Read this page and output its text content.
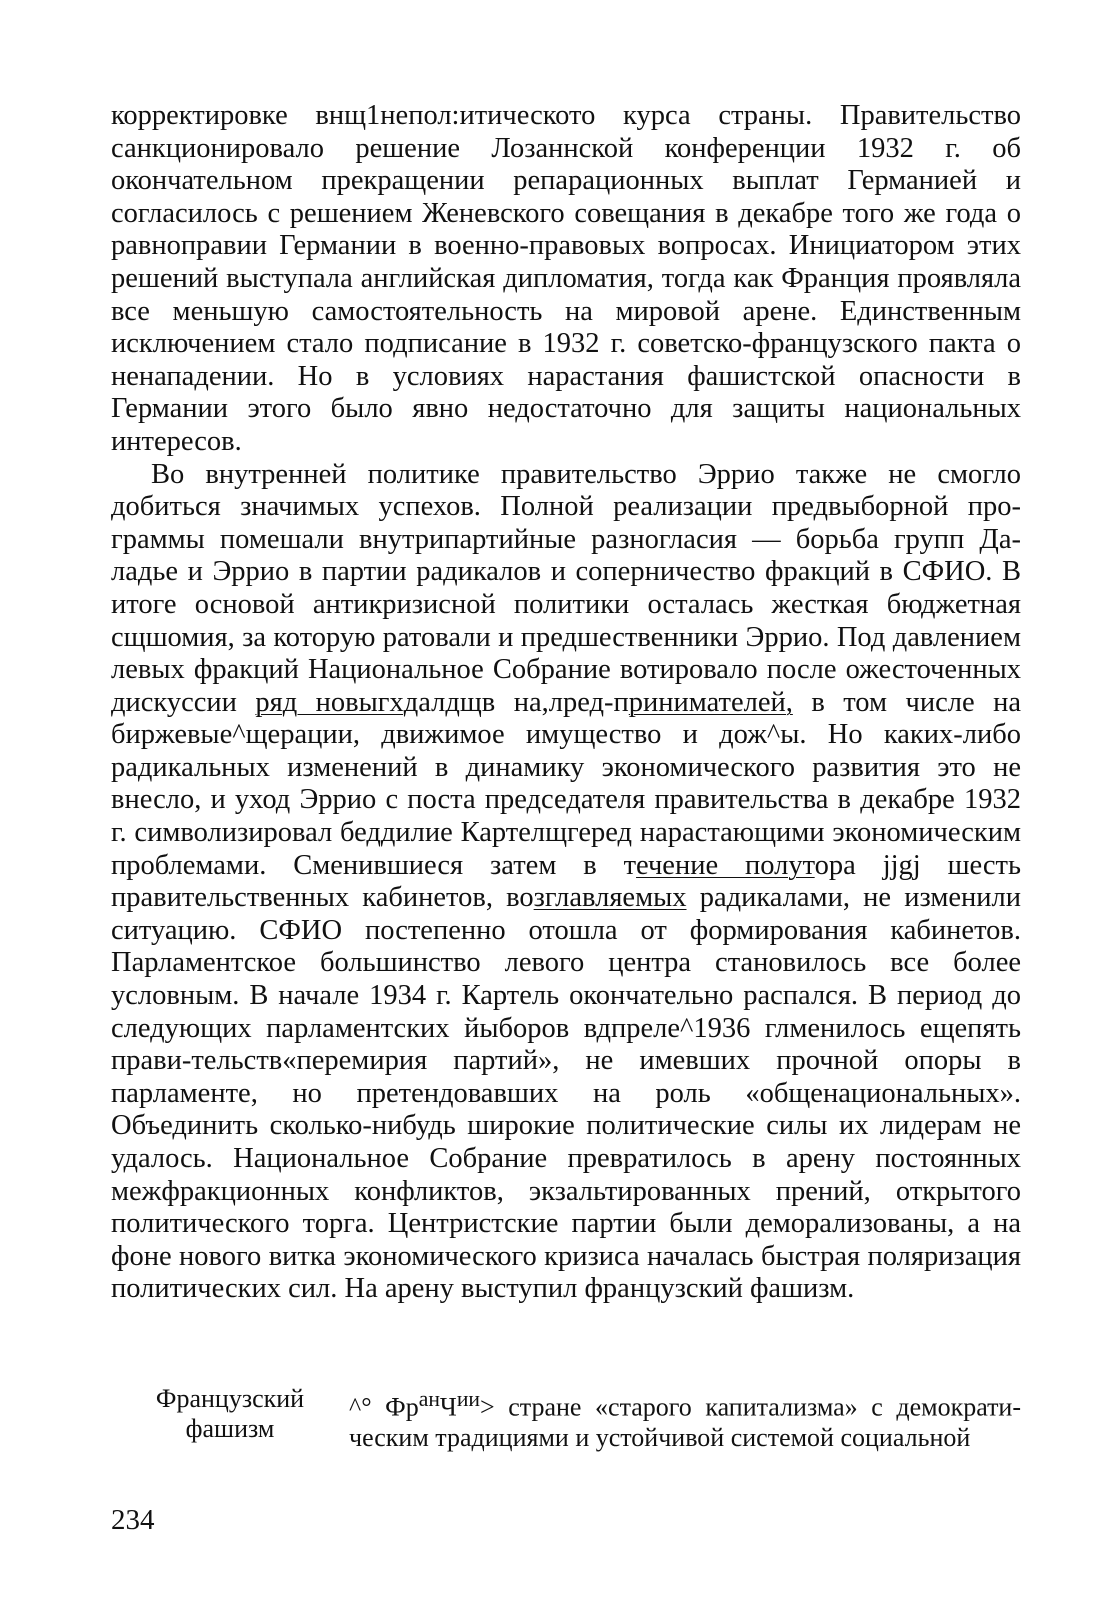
корректировке внщ1непол:итическото курса страны. Правительство санкционировало решение Лозаннской конференции 1932 г. об окончательном прекращении репарационных выплат Германией и согласилось с решением Женевского совещания в декабре того же года о равноправии Германии в военно-правовых вопросах. Инициатором этих решений выступала английская дипломатия, тогда как Франция проявляла все меньшую самостоятельность на мировой арене. Единственным исключением стало подписание в 1932 г. советско-французского пакта о ненападении. Но в условиях нарастания фашистской опасности в Германии этого было явно недостаточно для защиты национальных интересов.

Во внутренней политике правительство Эррио также не смогло добиться значимых успехов. Полной реализации предвыборной про-граммы помешали внутрипартийные разногласия — борьба групп Да-ладье и Эррио в партии радикалов и соперничество фракций в СФИО. В итоге основой антикризисной политики осталась жесткая бюджетная сщшомия, за которую ратовали и предшественники Эррио. Под давлением левых фракций Национальное Собрание вотировало после ожесточенных дискуссии ряд новыгхдалдщв на,лред-принимателей, в том числе на биржевые^щерации, движимое имущество и дож^ы. Но каких-либо радикальных изменений в динамику экономического развития это не внесло, и уход Эррио с поста председателя правительства в декабре 1932 г. символизировал беддилие Картелщгеред нарастающими экономическим проблемами. Сменившиеся затем в течение полутора jjgj шесть правительственных кабинетов, возглавляемых радикалами, не изменили ситуацию. СФИО постепенно отошла от формирования кабинетов. Парламентское большинство левого центра становилось все более условным. В начале 1934 г. Картель окончательно распался. В период до следующих парламентских йыборов вдпреле^1936 глменилось ещепять прави-тельств«перемирия партий», не имевших прочной опоры в парламенте, но претендовавших на роль «общенациональных». Объединить сколько-нибудь широкие политические силы их лидерам не удалось. Национальное Собрание превратилось в арену постоянных межфракционных конфликтов, экзальтированных прений, открытого политического торга. Центристские партии были деморализованы, а на фоне нового витка экономического кризиса началась быстрая поляризация политических сил. На арену выступил французский фашизм.

Французский
фашизм
^° $Фр^{ан}Ч^{ии}>$ стране «старого капитализма» с демократи-ческим традициями и устойчивой системой социальной
234
